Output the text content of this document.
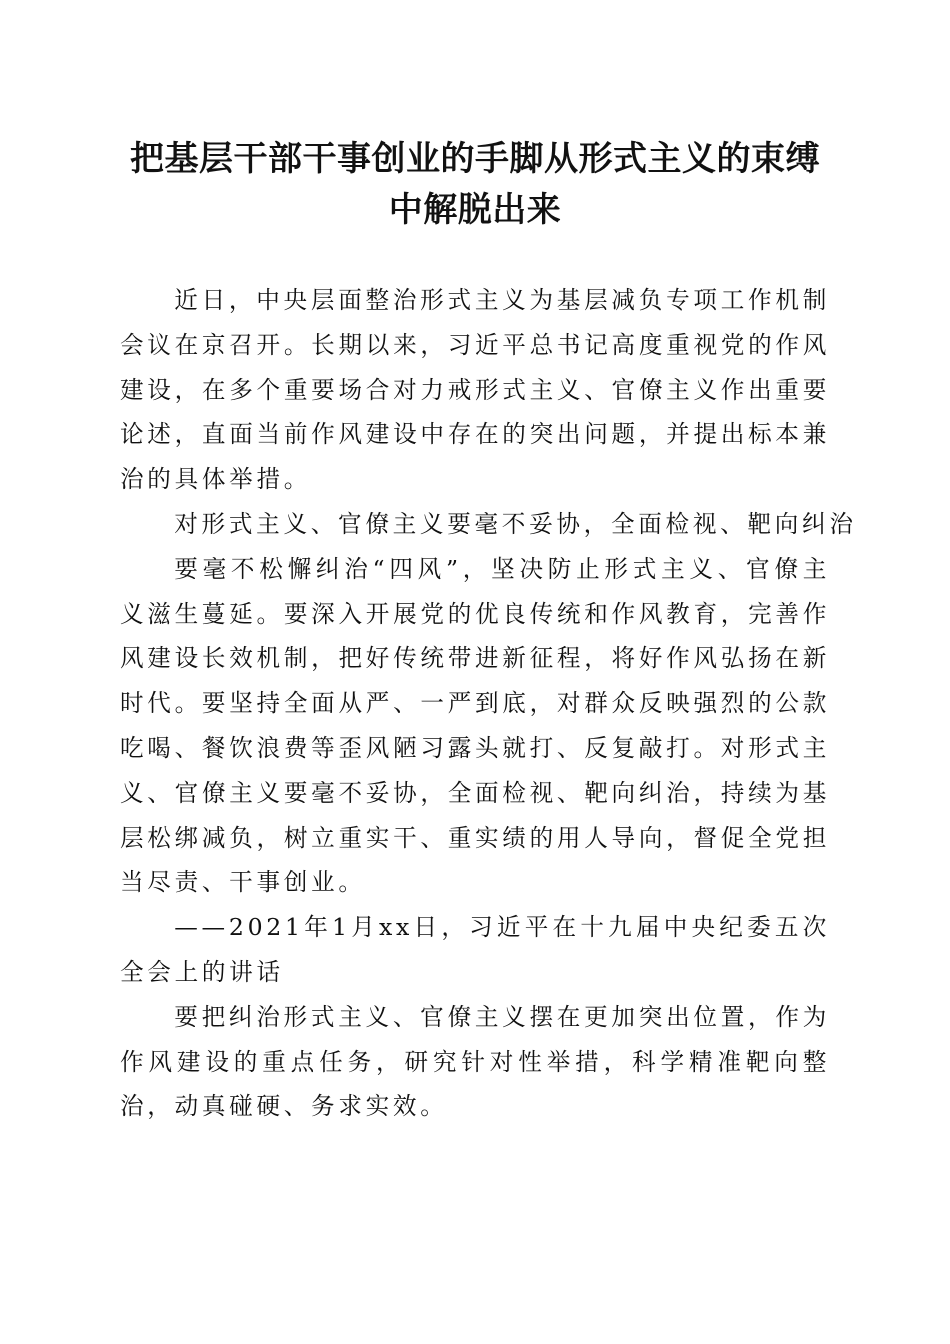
把基层干部干事创业的手脚从形式主义的束缚
中解脱出来

近日，中央层面整治形式主义为基层减负专项工作机制会议在京召开。长期以来，习近平总书记高度重视党的作风建设，在多个重要场合对力戒形式主义、官僚主义作出重要论述，直面当前作风建设中存在的突出问题，并提出标本兼治的具体举措。

对形式主义、官僚主义要毫不妥协，全面检视、靶向纠治

要毫不松懈纠治“四风”，坚决防止形式主义、官僚主义滋生蔓延。要深入开展党的优良传统和作风教育，完善作风建设长效机制，把好传统带进新征程，将好作风弘扬在新时代。要坚持全面从严、一严到底，对群众反映强烈的公款吃喝、餐饮浪费等歪风陋习露头就打、反复敲打。对形式主义、官僚主义要毫不妥协，全面检视、靶向纠治，持续为基层松绑减负，树立重实干、重实绩的用人导向，督促全党担当尽责、干事创业。

——2021年1月xx日，习近平在十九届中央纪委五次全会上的讲话

要把纠治形式主义、官僚主义摆在更加突出位置，作为作风建设的重点任务，研究针对性举措，科学精准靶向整治，动真碰硬、务求实效。
